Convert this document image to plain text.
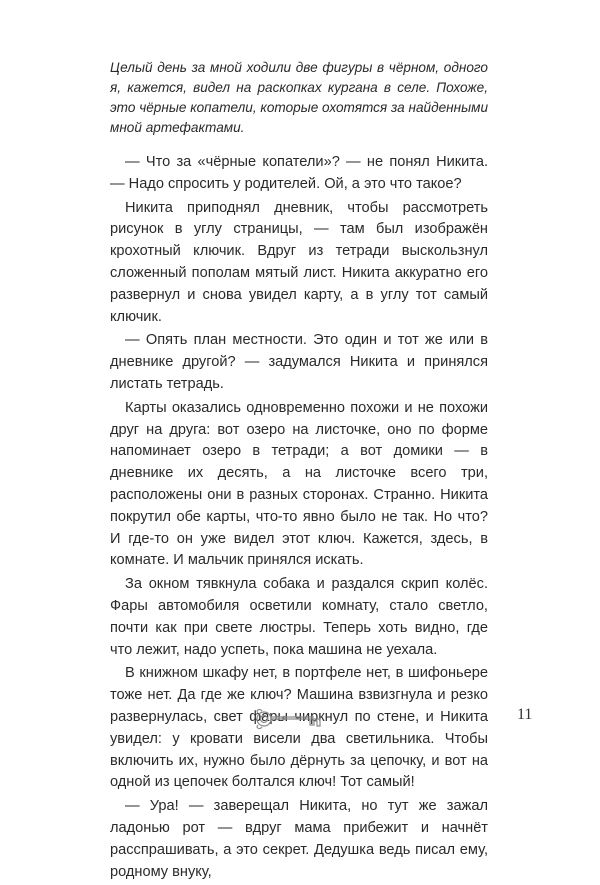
Целый день за мной ходили две фигуры в чёрном, одного я, кажется, видел на раскопках кургана в селе. Похоже, это чёрные копатели, которые охотятся за найденными мной артефактами.

— Что за «чёрные копатели»? — не понял Никита. — Надо спросить у родителей. Ой, а это что такое?

Никита приподнял дневник, чтобы рассмотреть рисунок в углу страницы, — там был изображён крохотный ключик. Вдруг из тетради выскользнул сложенный пополам мятый лист. Никита аккуратно его развернул и снова увидел карту, а в углу тот самый ключик.

— Опять план местности. Это один и тот же или в дневнике другой? — задумался Никита и принялся листать тетрадь.

Карты оказались одновременно похожи и не похожи друг на друга: вот озеро на листочке, оно по форме напоминает озеро в тетради; а вот домики — в дневнике их десять, а на листочке всего три, расположены они в разных сторонах. Странно. Никита покрутил обе карты, что-то явно было не так. Но что? И где-то он уже видел этот ключ. Кажется, здесь, в комнате. И мальчик принялся искать.

За окном тявкнула собака и раздался скрип колёс. Фары автомобиля осветили комнату, стало светло, почти как при свете люстры. Теперь хоть видно, где что лежит, надо успеть, пока машина не уехала.

В книжном шкафу нет, в портфеле нет, в шифоньере тоже нет. Да где же ключ? Машина взвизгнула и резко развернулась, свет фары чиркнул по стене, и Никита увидел: у кровати висели два светильника. Чтобы включить их, нужно было дёрнуть за цепочку, и вот на одной из цепочек болтался ключ! Тот самый!

— Ура! — заверещал Никита, но тут же зажал ладонью рот — вдруг мама прибежит и начнёт расспрашивать, а это секрет. Дедушка ведь писал ему, родному внуку,

11
